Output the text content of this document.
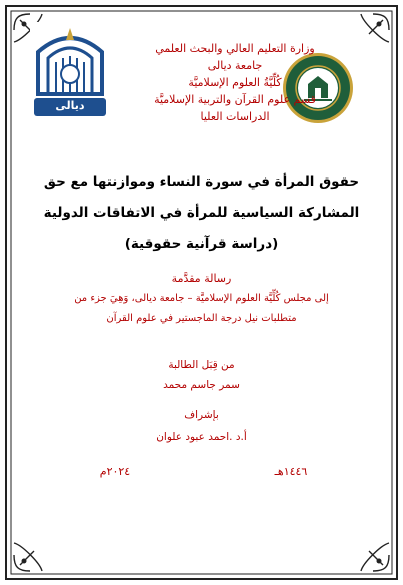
ديالى
وزارة التعليم العالي والبحث العلمي
جامعة ديالى
كُلِّيَّةُ العلوم الإسلاميَّة
قسم علوم القرآن والتربية الإسلاميَّة
الدراسات العليا
حقوق المرأة في سورة النساء وموازنتها مع حق
المشاركة السياسية للمرأة في الاتفاقات الدولية
(دراسة قرآنية حقوقية)
رسالة مقدَّمة
إلى مجلس كُلِّيَّة العلوم الإسلاميَّة – جامعة ديالى، وَهِيَ جزء من
متطلبات نيل درجة الماجستير في علوم القرآن
من قِبَل الطالبة
سمر جاسم محمد
بإشراف
أ.د .احمد عبود علوان
١٤٤٦هـ
٢٠٢٤م
